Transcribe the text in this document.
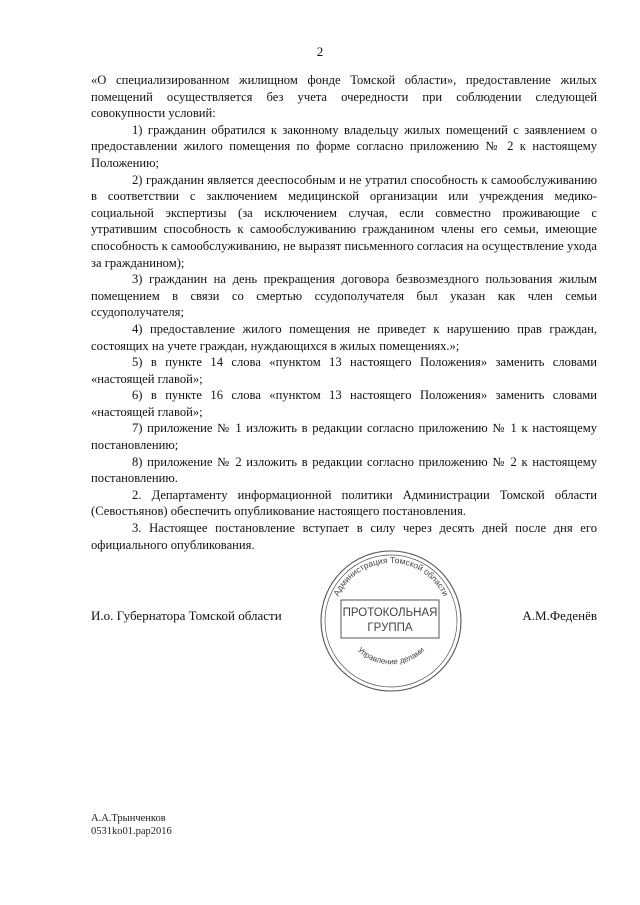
2

«О специализированном жилищном фонде Томской области», предоставление жилых помещений осуществляется без учета очередности при соблюдении следующей совокупности условий:

1) гражданин обратился к законному владельцу жилых помещений с заявлением о предоставлении жилого помещения по форме согласно приложению № 2 к настоящему Положению;

2) гражданин является дееспособным и не утратил способность к самообслуживанию в соответствии с заключением медицинской организации или учреждения медико-социальной экспертизы (за исключением случая, если совместно проживающие с утратившим способность к самообслуживанию гражданином члены его семьи, имеющие способность к самообслуживанию, не выразят письменного согласия на осуществление ухода за гражданином);

3) гражданин на день прекращения договора безвозмездного пользования жилым помещением в связи со смертью ссудополучателя был указан как член семьи ссудополучателя;

4) предоставление жилого помещения не приведет к нарушению прав граждан, состоящих на учете граждан, нуждающихся в жилых помещениях.»;

5) в пункте 14 слова «пунктом 13 настоящего Положения» заменить словами «настоящей главой»;

6) в пункте 16 слова «пунктом 13 настоящего Положения» заменить словами «настоящей главой»;

7) приложение № 1 изложить в редакции согласно приложению № 1 к настоящему постановлению;

8) приложение № 2 изложить в редакции согласно приложению № 2 к настоящему постановлению.

2. Департаменту информационной политики Администрации Томской области (Севостьянов) обеспечить опубликование настоящего постановления.

3. Настоящее постановление вступает в силу через десять дней после дня его официального опубликования.

И.о. Губернатора Томской области	А.М.Феденёв
Администрация Томской области
Управление делами
ПРОТОКОЛЬНАЯ
ГРУППА
А.А.Трынченков
0531ko01.pap2016
